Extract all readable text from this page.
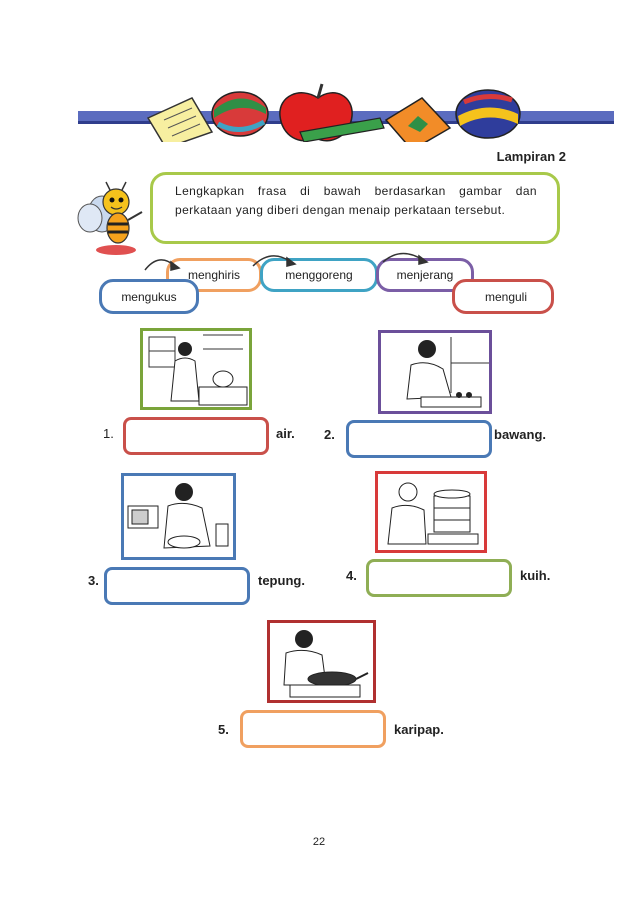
Lampiran 2
Lengkapkan frasa di bawah berdasarkan gambar dan perkataan yang diberi dengan menaip perkataan tersebut.
menghiris	menggoreng	menjerang
mengukus	menguli
1.	air. 2.	bawang.
3.	tepung.	4.	kuih.
5.	karipap.
22
